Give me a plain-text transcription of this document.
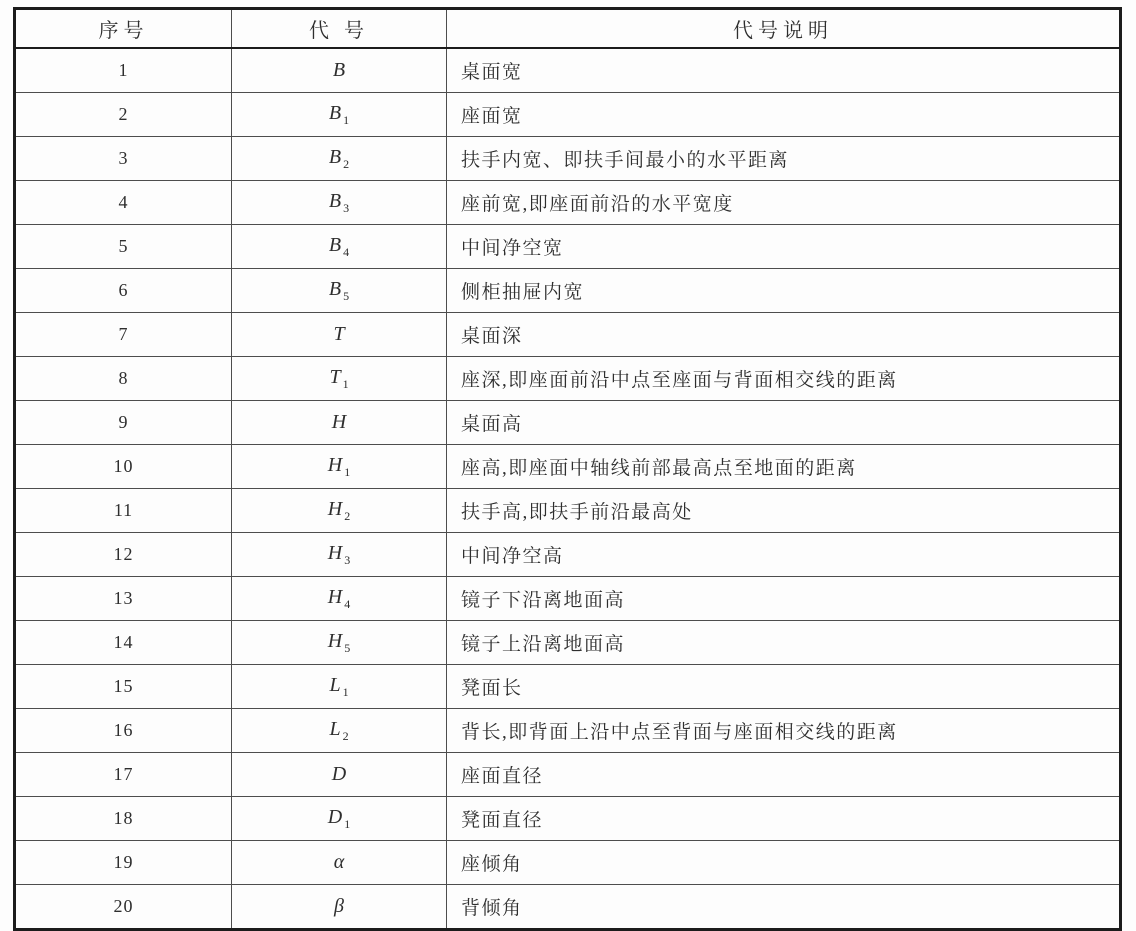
序号	代 号	代号说明
1	B	桌面宽
2	B $_1$	座面宽
3	B $_2$	扶手内宽、即扶手间最小的水平距离
4	B $_3$	座前宽,即座面前沿的水平宽度
5	B $_4$	中间净空宽
6	B $_5$	侧柜抽屉内宽
7	T	桌面深
8	T $_1$	座深,即座面前沿中点至座面与背面相交线的距离
9	H	桌面高
10	H $_1$	座高,即座面中轴线前部最高点至地面的距离
11	H $_2$	扶手高,即扶手前沿最高处
12	H $_3$	中间净空高
13	H $_4$	镜子下沿离地面高
14	H $_5$	镜子上沿离地面高
15	L $_1$	凳面长
16	L $_2$	背长,即背面上沿中点至背面与座面相交线的距离
17	D	座面直径
18	D $_1$	凳面直径
19	α	座倾角
20	β	背倾角
